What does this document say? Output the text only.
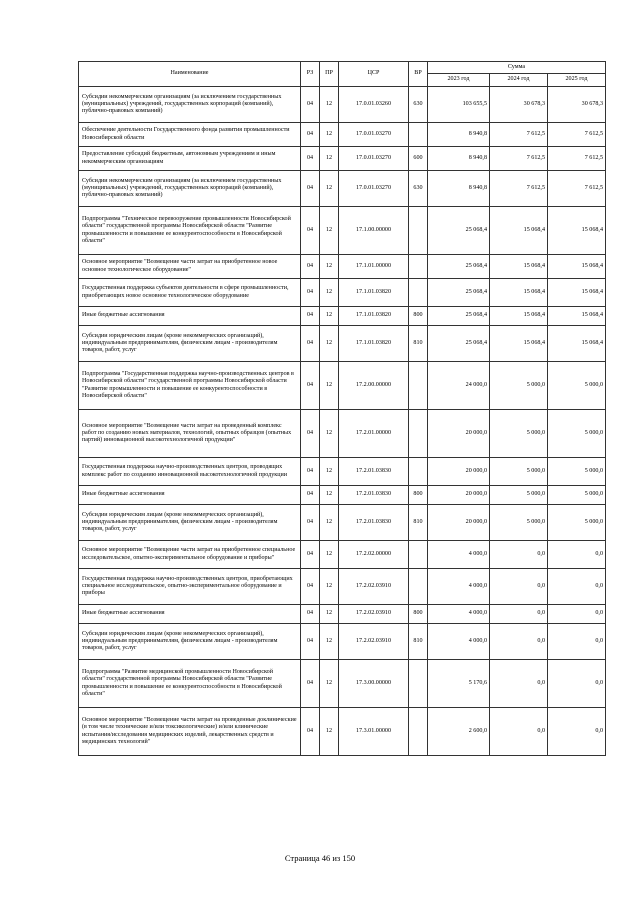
Наименование	РЗ	ПР	ЦСР	ВР	Сумма		
					2023 год	2024 год	2025 год
Субсидии некоммерческим организациям (за исключением государственных (муниципальных) учреждений, государственных корпораций (компаний), публично-правовых компаний)	04	12	17.0.01.03260	630	103 655,5	30 678,3	30 678,3
Обеспечение деятельности Государственного фонда развития промышленности Новосибирской области	04	12	17.0.01.03270		8 940,8	7 612,5	7 612,5
Предоставление субсидий бюджетным, автономным учреждениям и иным некоммерческим организациям	04	12	17.0.01.03270	600	8 940,8	7 612,5	7 612,5
Субсидии некоммерческим организациям (за исключением государственных (муниципальных) учреждений, государственных корпораций (компаний), публично-правовых компаний)	04	12	17.0.01.03270	630	8 940,8	7 612,5	7 612,5
Подпрограмма "Техническое перевооружение промышленности Новосибирской области" государственной программы Новосибирской области "Развитие промышленности и повышение ее конкурентоспособности в Новосибирской области"	04	12	17.1.00.00000		25 068,4	15 068,4	15 068,4
Основное мероприятие "Возмещение части затрат на приобретенное новое основное технологическое оборудование"	04	12	17.1.01.00000		25 068,4	15 068,4	15 068,4
Государственная поддержка субъектов деятельности в сфере промышленности, приобретающих новое основное технологическое оборудование	04	12	17.1.01.03820		25 068,4	15 068,4	15 068,4
Иные бюджетные ассигнования	04	12	17.1.01.03820	800	25 068,4	15 068,4	15 068,4
Субсидии юридическим лицам (кроме некоммерческих организаций), индивидуальным предпринимателям, физическим лицам - производителям товаров, работ, услуг	04	12	17.1.01.03820	810	25 068,4	15 068,4	15 068,4
Подпрограмма "Государственная поддержка научно-производственных центров в Новосибирской области" государственной программы Новосибирской области "Развитие промышленности и повышение ее конкурентоспособности в Новосибирской области"	04	12	17.2.00.00000		24 000,0	5 000,0	5 000,0
Основное мероприятие "Возмещение части затрат на проведенный комплекс работ по созданию новых материалов, технологий, опытных образцов (опытных партий) инновационной высокотехнологичной продукции"	04	12	17.2.01.00000		20 000,0	5 000,0	5 000,0
Государственная поддержка научно-производственных центров, проводящих комплекс работ по созданию инновационной высокотехнологичной продукции	04	12	17.2.01.03830		20 000,0	5 000,0	5 000,0
Иные бюджетные ассигнования	04	12	17.2.01.03830	800	20 000,0	5 000,0	5 000,0
Субсидии юридическим лицам (кроме некоммерческих организаций), индивидуальным предпринимателям, физическим лицам - производителям товаров, работ, услуг	04	12	17.2.01.03830	810	20 000,0	5 000,0	5 000,0
Основное мероприятие "Возмещение части затрат на приобретенное специальное исследовательское, опытно-экспериментальное оборудование и приборы"	04	12	17.2.02.00000		4 000,0	0,0	0,0
Государственная поддержка научно-производственных центров, приобретающих специальное исследовательское, опытно-экспериментальное оборудование и приборы	04	12	17.2.02.03910		4 000,0	0,0	0,0
Иные бюджетные ассигнования	04	12	17.2.02.03910	800	4 000,0	0,0	0,0
Субсидии юридическим лицам (кроме некоммерческих организаций), индивидуальным предпринимателям, физическим лицам - производителям товаров, работ, услуг	04	12	17.2.02.03910	810	4 000,0	0,0	0,0
Подпрограмма "Развитие медицинской промышленности Новосибирской области" государственной программы Новосибирской области "Развитие промышленности и повышение ее конкурентоспособности в Новосибирской области"	04	12	17.3.00.00000		5 170,6	0,0	0,0
Основное мероприятие "Возмещение части затрат на проведенные доклинические (в том числе технические и/или токсикологические) и/или клинические испытания/исследования медицинских изделий, лекарственных средств и медицинских технологий"	04	12	17.3.01.00000		2 600,0	0,0	0,0
Страница 46 из 150
